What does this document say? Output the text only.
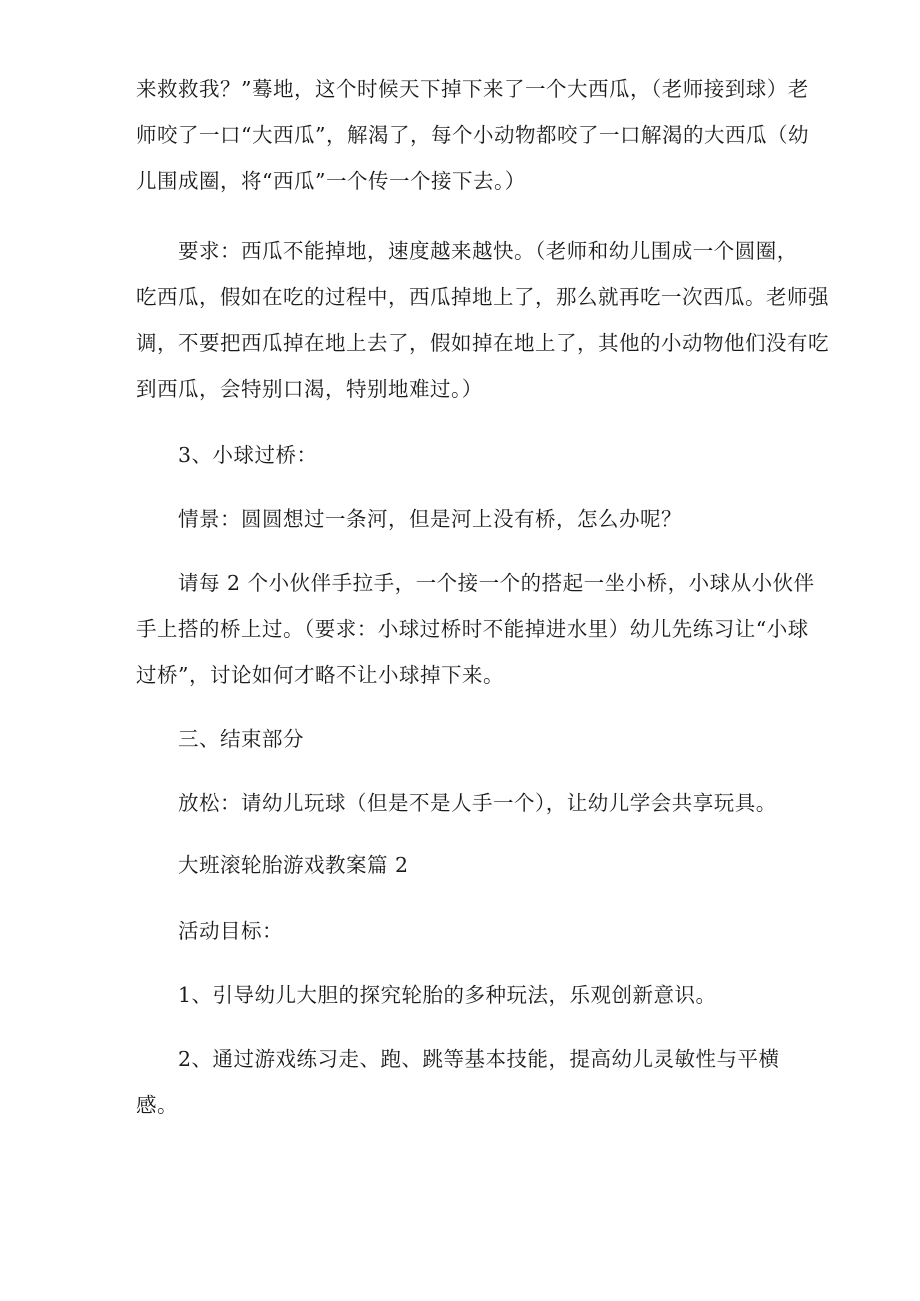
来救救我？”蓦地，这个时候天下掉下来了一个大西瓜，（老师接到球）老
师咬了一口“大西瓜”，解渴了，每个小动物都咬了一口解渴的大西瓜（幼
儿围成圈，将“西瓜”一个传一个接下去。）

要求：西瓜不能掉地，速度越来越快。（老师和幼儿围成一个圆圈，
吃西瓜，假如在吃的过程中，西瓜掉地上了，那么就再吃一次西瓜。老师强
调，不要把西瓜掉在地上去了，假如掉在地上了，其他的小动物他们没有吃
到西瓜，会特别口渴，特别地难过。）

3、小球过桥：

情景：圆圆想过一条河，但是河上没有桥，怎么办呢？

请每 2 个小伙伴手拉手，一个接一个的搭起一坐小桥，小球从小伙伴
手上搭的桥上过。（要求：小球过桥时不能掉进水里）幼儿先练习让“小球
过桥”，讨论如何才略不让小球掉下来。

三、结束部分

放松：请幼儿玩球（但是不是人手一个），让幼儿学会共享玩具。

大班滚轮胎游戏教案篇 2

活动目标：

1、引导幼儿大胆的探究轮胎的多种玩法，乐观创新意识。

2、通过游戏练习走、跑、跳等基本技能，提高幼儿灵敏性与平横
感。
